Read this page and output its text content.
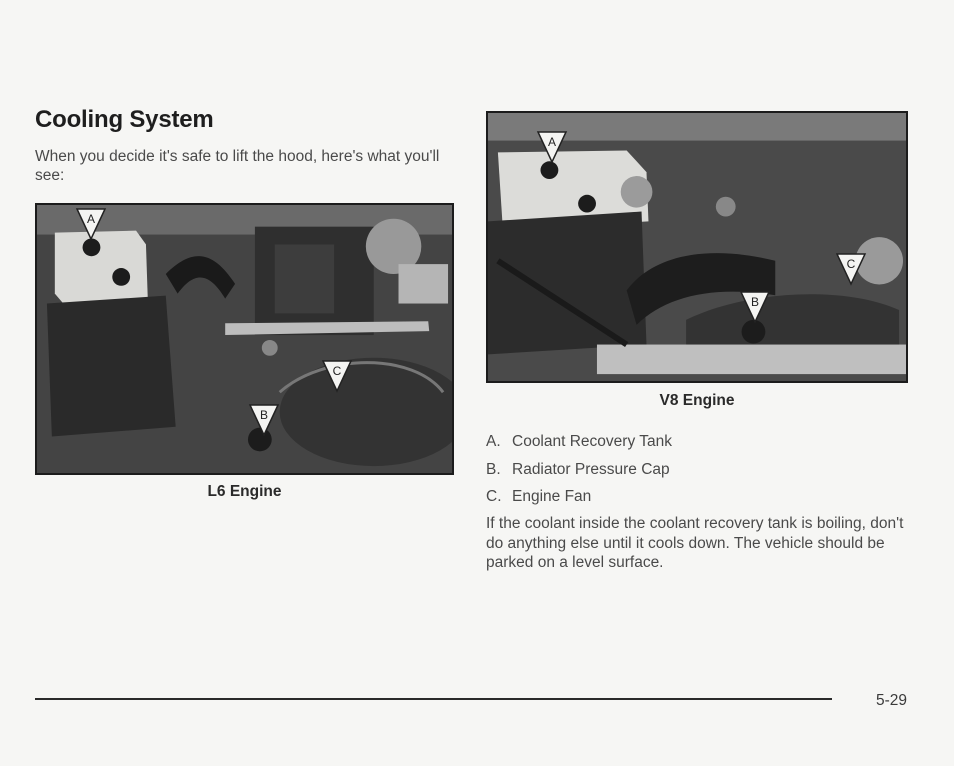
Cooling System
When you decide it's safe to lift the hood, here's what you'll see:
A
C
B
L6 Engine
A
C
B
V8 Engine
A. Coolant Recovery Tank
B. Radiator Pressure Cap
C. Engine Fan
If the coolant inside the coolant recovery tank is boiling, don't do anything else until it cools down. The vehicle should be parked on a level surface.
5-29
